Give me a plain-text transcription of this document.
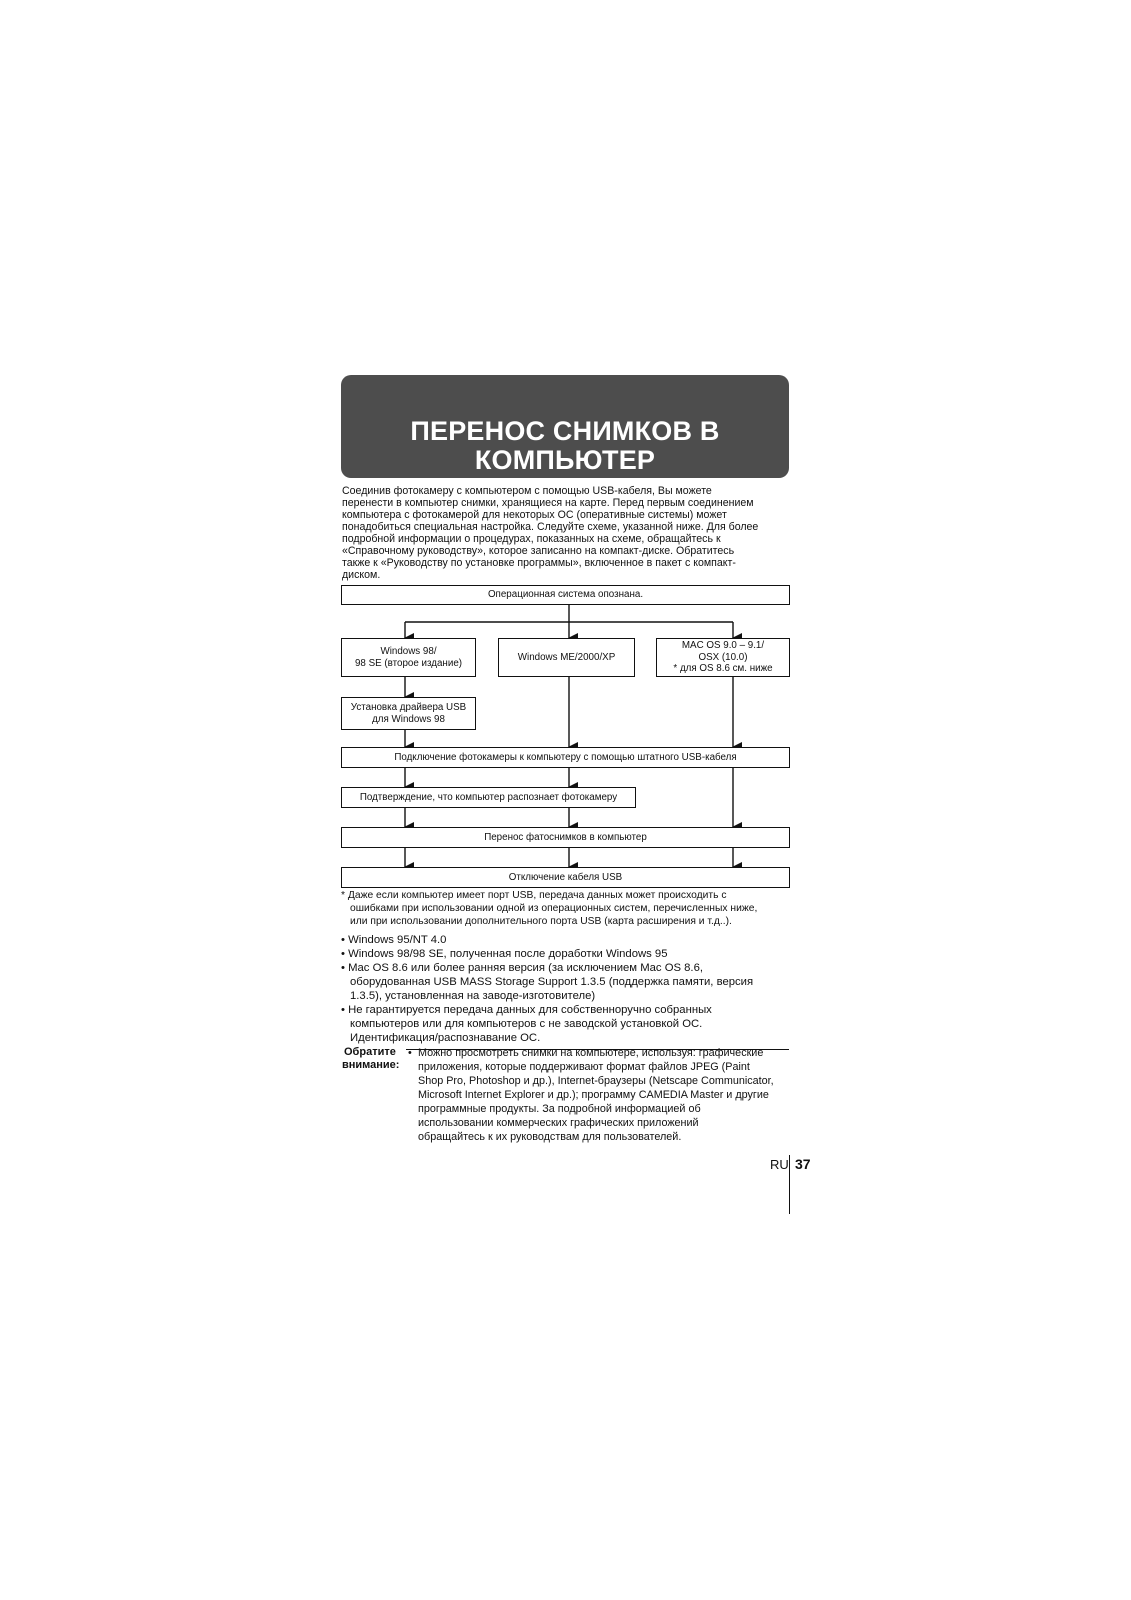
ПЕРЕНОС СНИМКОВ В
КОМПЬЮТЕР
Соединив фотокамеру с компьютером с помощью USB-кабеля, Вы можете
перенести в компьютер снимки, хранящиеся на карте. Перед первым соединением
компьютера с фотокамерой для некоторых ОС (оперативные системы) может
понадобиться специальная настройка. Следуйте схеме, указанной ниже. Для более
подробной информации о процедурах, показанных на схеме, обращайтесь к
«Справочному руководству», которое записанно на компакт-диске. Обратитесь
также к «Руководству по установке программы», включенное в пакет с компакт-
диском.
Операционная система опознана.
Windows 98/
98 SE (второе издание)
Windows ME/2000/XP
MAC OS 9.0 – 9.1/
OSX (10.0)
* для OS 8.6 см. ниже
Установка драйвера USB
для Windows 98
Подключение фотокамеры к компьютеру с помощью штатного USB-кабеля
Подтверждение, что компьютер распознает фотокамеру
Перенос фатоснимков в компьютер
Отключение кабеля USB
* Даже если компьютер имеет порт USB, передача данных может происходить с
ошибками при использовании одной из операционных систем, перечисленных ниже,
или при использовании дополнительного порта USB (карта расширения и т.д..).
• Windows 95/NT 4.0
• Windows 98/98 SE, полученная после доработки Windows 95
• Mac OS 8.6 или более ранняя версия (за исключением Mac OS 8.6,
оборудованная USB MASS Storage Support 1.3.5 (поддержка памяти, версия
1.3.5), установленная на заводе-изготовителе)
• Не гарантируется передача данных для собственноручно собранных
компьютеров или для компьютеров с не заводской установкой ОС.
Идентификация/распознавание ОС.
Обратите
внимание:
• Можно просмотреть снимки на компьютере, используя: графические
приложения, которые поддерживают формат файлов JPEG (Paint
Shop Pro, Photoshop и др.), Internet-браузеры (Netscape Communicator,
Microsoft Internet Explorer и др.); программу CAMEDIA Master и другие
программные продукты. За подробной информацией об
использовании коммерческих графических приложений
обращайтесь к их руководствам для пользователей.
RU 37
